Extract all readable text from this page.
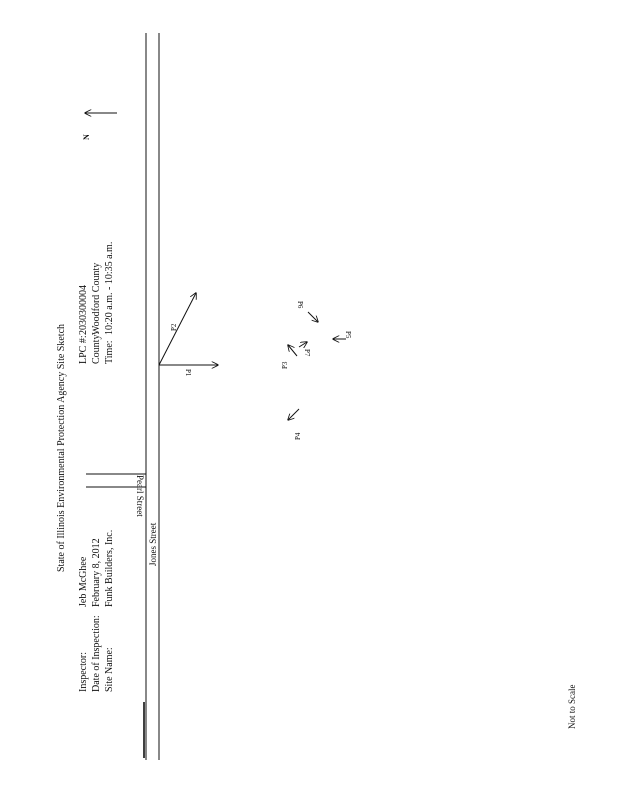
State of Illinois Environmental Protection Agency Site Sketch
Inspector:
Jeb McGhee
Date of Inspection:
February 8, 2012
Site Name:
Funk Builders, Inc.
LPC #:
2030300004
County:
Woodford County
Time:
10:20 a.m. - 10:35 a.m.
N
Jones Street
Pearl Street
P1
P2
P3
P4
P5
P6
P7
Not to Scale
